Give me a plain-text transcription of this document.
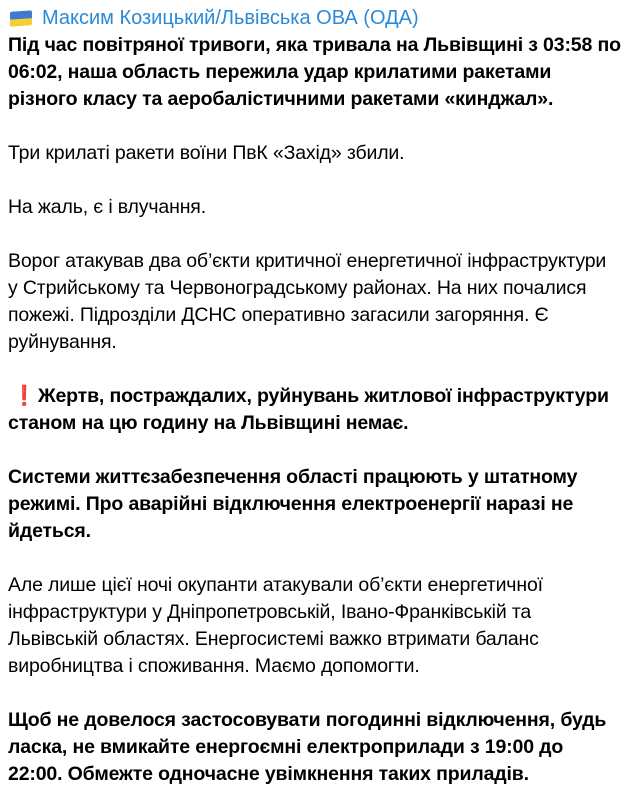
Максим Козицький/Львівська ОВА (ОДА)

Під час повітряної тривоги, яка тривала на Львівщині з 03:58 по 06:02, наша область пережила удар крилатими ракетами різного класу та аеробалістичними ракетами «кинджал».

Три крилаті ракети воїни ПвК «Захід» збили.

На жаль, є і влучання.

Ворог атакував два об’єкти критичної енергетичної інфраструктури у Стрийському та Червоноградському районах. На них почалися пожежі. Підрозділи ДСНС оперативно загасили загоряння. Є руйнування.

❗Жертв, постраждалих, руйнувань житлової інфраструктури станом на цю годину на Львівщині немає.

Системи життєзабезпечення області працюють у штатному режимі. Про аварійні відключення електроенергії наразі не йдеться.

Але лише цієї ночі окупанти атакували об’єкти енергетичної інфраструктури у Дніпропетровській, Івано-Франківській та Львівській областях. Енергосистемі важко втримати баланс виробництва і споживання. Маємо допомогти.

Щоб не довелося застосовувати погодинні відключення, будь ласка, не вмикайте енергоємні електроприлади з 19:00 до 22:00. Обмежте одночасне увімкнення таких приладів.
